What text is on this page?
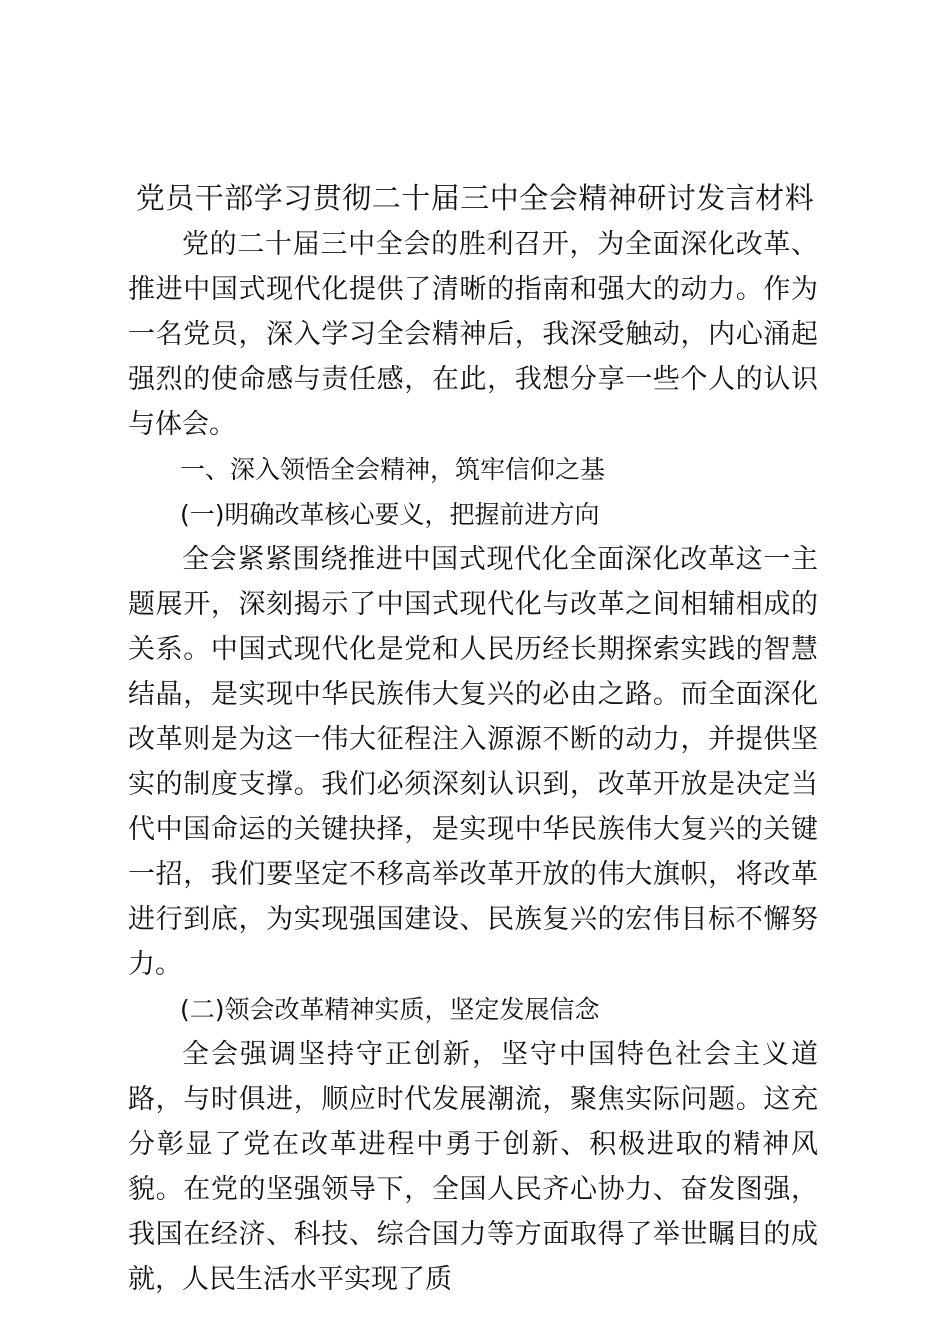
党员干部学习贯彻二十届三中全会精神研讨发言材料

党的二十届三中全会的胜利召开，为全面深化改革、推进中国式现代化提供了清晰的指南和强大的动力。作为一名党员，深入学习全会精神后，我深受触动，内心涌起强烈的使命感与责任感，在此，我想分享一些个人的认识与体会。

一、深入领悟全会精神，筑牢信仰之基

(一)明确改革核心要义，把握前进方向

全会紧紧围绕推进中国式现代化全面深化改革这一主题展开，深刻揭示了中国式现代化与改革之间相辅相成的关系。中国式现代化是党和人民历经长期探索实践的智慧结晶，是实现中华民族伟大复兴的必由之路。而全面深化改革则是为这一伟大征程注入源源不断的动力，并提供坚实的制度支撑。我们必须深刻认识到，改革开放是决定当代中国命运的关键抉择，是实现中华民族伟大复兴的关键一招，我们要坚定不移高举改革开放的伟大旗帜，将改革进行到底，为实现强国建设、民族复兴的宏伟目标不懈努力。

(二)领会改革精神实质，坚定发展信念

全会强调坚持守正创新，坚守中国特色社会主义道路，与时俱进，顺应时代发展潮流，聚焦实际问题。这充分彰显了党在改革进程中勇于创新、积极进取的精神风貌。在党的坚强领导下，全国人民齐心协力、奋发图强，我国在经济、科技、综合国力等方面取得了举世瞩目的成就，人民生活水平实现了质
